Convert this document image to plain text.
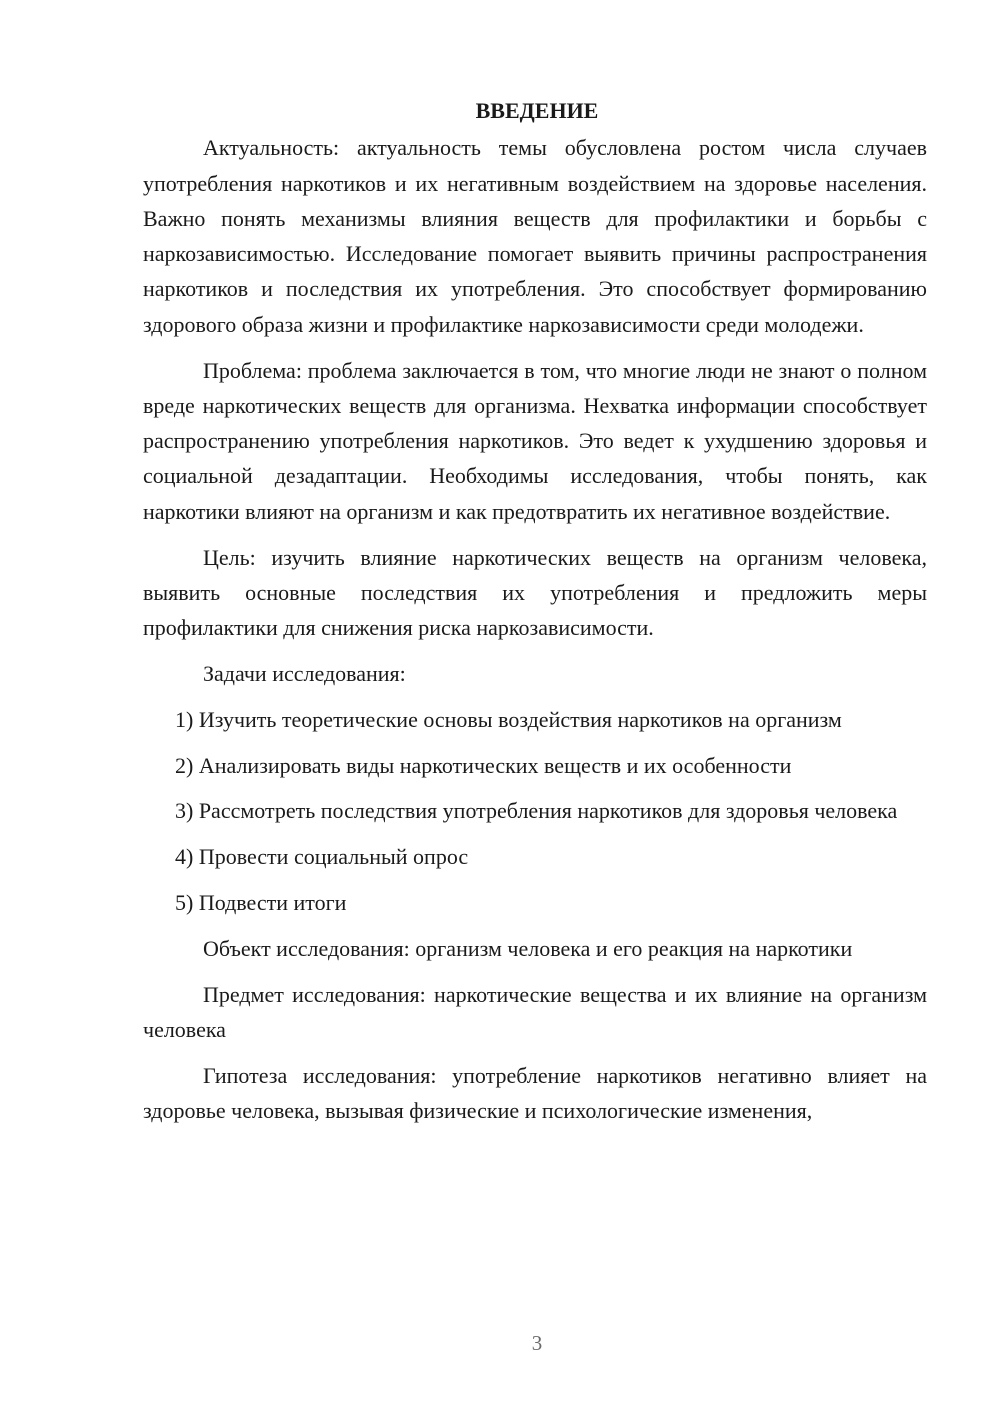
ВВЕДЕНИЕ

Актуальность: актуальность темы обусловлена ростом числа случаев употребления наркотиков и их негативным воздействием на здоровье населения. Важно понять механизмы влияния веществ для профилактики и борьбы с наркозависимостью. Исследование помогает выявить причины распространения наркотиков и последствия их употребления. Это способствует формированию здорового образа жизни и профилактике наркозависимости среди молодежи.

Проблема: проблема заключается в том, что многие люди не знают о полном вреде наркотических веществ для организма. Нехватка информации способствует распространению употребления наркотиков. Это ведет к ухудшению здоровья и социальной дезадаптации. Необходимы исследования, чтобы понять, как наркотики влияют на организм и как предотвратить их негативное воздействие.

Цель: изучить влияние наркотических веществ на организм человека, выявить основные последствия их употребления и предложить меры профилактики для снижения риска наркозависимости.

Задачи исследования:

1) Изучить теоретические основы воздействия наркотиков на организм

2) Анализировать виды наркотических веществ и их особенности

3) Рассмотреть последствия употребления наркотиков для здоровья человека

4) Провести социальный опрос

5) Подвести итоги

Объект исследования: организм человека и его реакция на наркотики

Предмет исследования: наркотические вещества и их влияние на организм человека

Гипотеза исследования: употребление наркотиков негативно влияет на здоровье человека, вызывая физические и психологические изменения,

3
